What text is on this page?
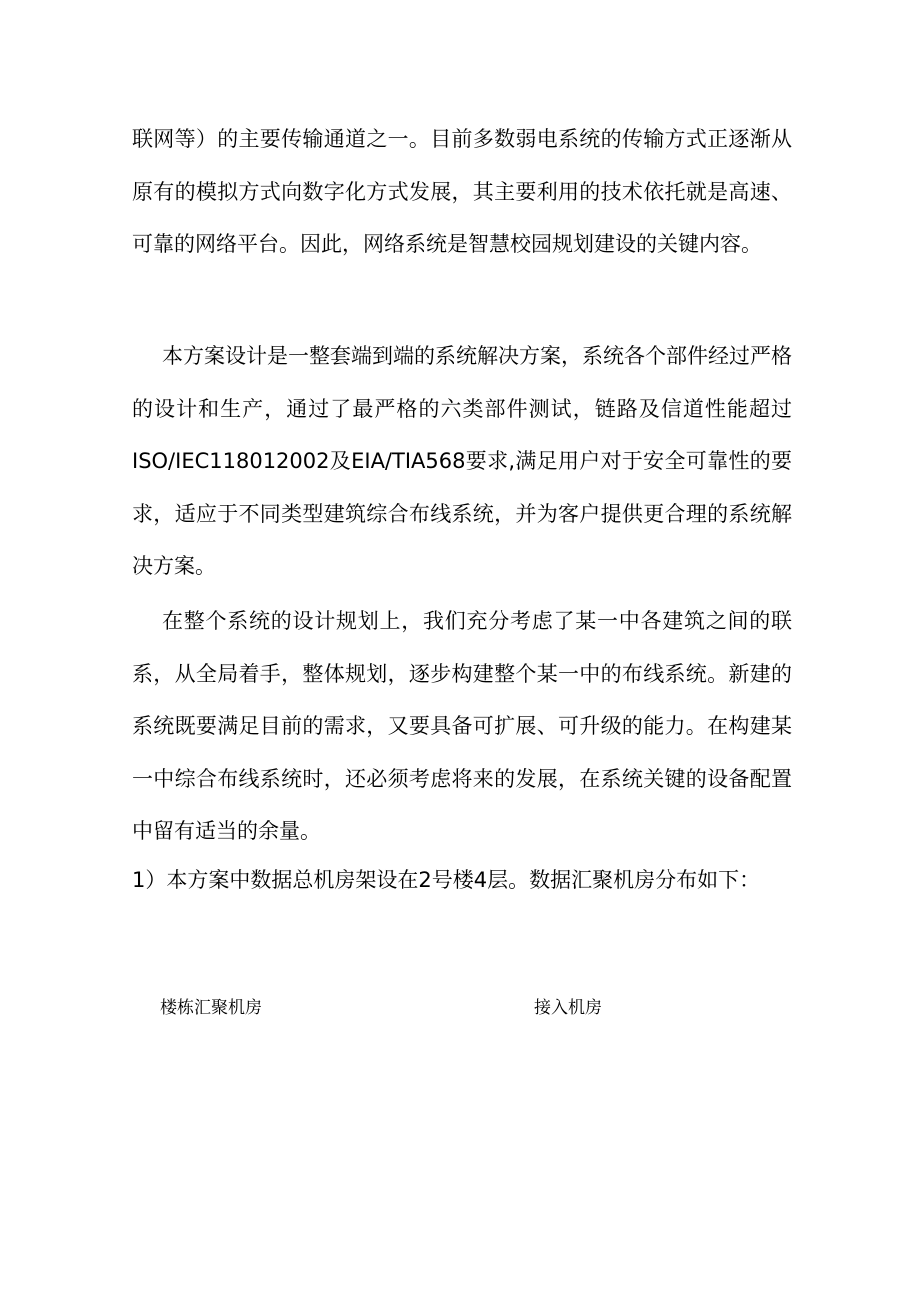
联网等）的主要传输通道之一。目前多数弱电系统的传输方式正逐渐从原有的模拟方式向数字化方式发展，其主要利用的技术依托就是高速、可靠的网络平台。因此，网络系统是智慧校园规划建设的关键内容。

本方案设计是一整套端到端的系统解决方案，系统各个部件经过严格的设计和生产，通过了最严格的六类部件测试，链路及信道性能超过ISO/IEC118012002及EIA/TIA568要求,满足用户对于安全可靠性的要求，适应于不同类型建筑综合布线系统，并为客户提供更合理的系统解决方案。

在整个系统的设计规划上，我们充分考虑了某一中各建筑之间的联系，从全局着手，整体规划，逐步构建整个某一中的布线系统。新建的系统既要满足目前的需求，又要具备可扩展、可升级的能力。在构建某一中综合布线系统时，还必须考虑将来的发展，在系统关键的设备配置中留有适当的余量。

1）本方案中数据总机房架设在2号楼4层。数据汇聚机房分布如下：

楼栋汇聚机房	接入机房
